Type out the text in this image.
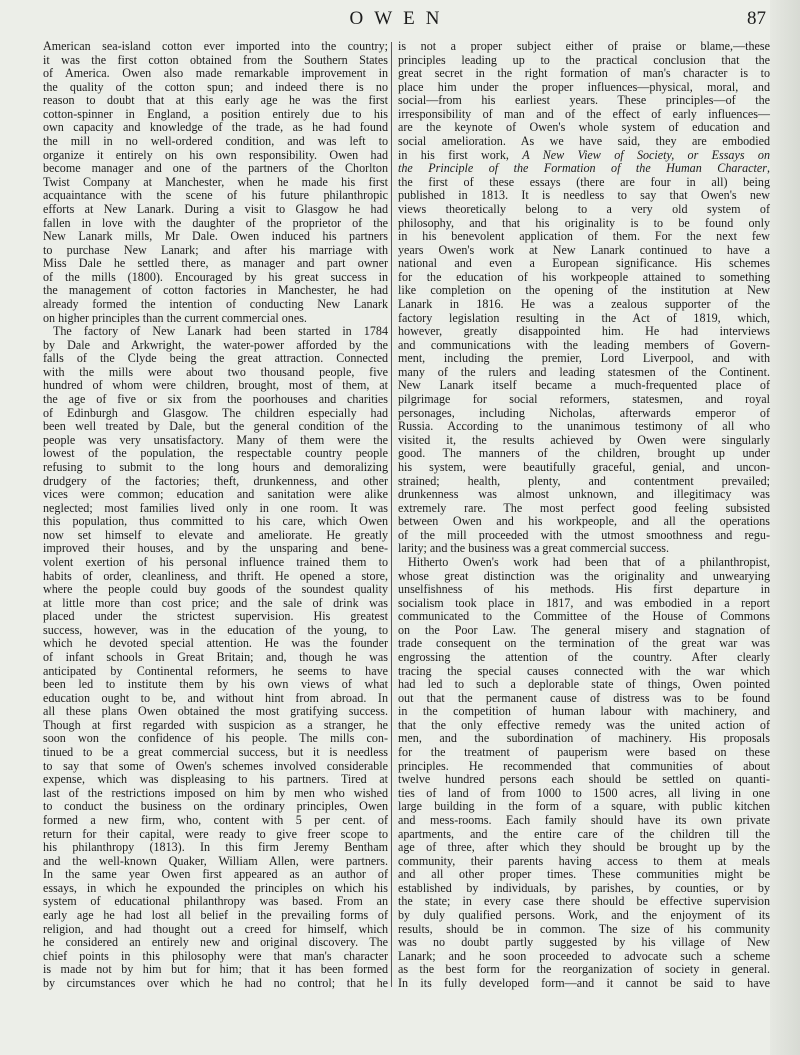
OWEN	87
American sea-island cotton ever imported into the country;
it was the first cotton obtained from the Southern States
of America. Owen also made remarkable improvement in
the quality of the cotton spun; and indeed there is no
reason to doubt that at this early age he was the first
cotton-spinner in England, a position entirely due to his
own capacity and knowledge of the trade, as he had found
the mill in no well-ordered condition, and was left to
organize it entirely on his own responsibility. Owen had
become manager and one of the partners of the Chorlton
Twist Company at Manchester, when he made his first
acquaintance with the scene of his future philanthropic
efforts at New Lanark. During a visit to Glasgow he had
fallen in love with the daughter of the proprietor of the
New Lanark mills, Mr Dale. Owen induced his partners
to purchase New Lanark; and after his marriage with
Miss Dale he settled there, as manager and part owner
of the mills (1800). Encouraged by his great success in
the management of cotton factories in Manchester, he had
already formed the intention of conducting New Lanark
on higher principles than the current commercial ones.
The factory of New Lanark had been started in 1784
by Dale and Arkwright, the water-power afforded by the
falls of the Clyde being the great attraction. Connected
with the mills were about two thousand people, five
hundred of whom were children, brought, most of them, at
the age of five or six from the poorhouses and charities
of Edinburgh and Glasgow. The children especially had
been well treated by Dale, but the general condition of the
people was very unsatisfactory. Many of them were the
lowest of the population, the respectable country people
refusing to submit to the long hours and demoralizing
drudgery of the factories; theft, drunkenness, and other
vices were common; education and sanitation were alike
neglected; most families lived only in one room. It was
this population, thus committed to his care, which Owen
now set himself to elevate and ameliorate. He greatly
improved their houses, and by the unsparing and bene-
volent exertion of his personal influence trained them to
habits of order, cleanliness, and thrift. He opened a store,
where the people could buy goods of the soundest quality
at little more than cost price; and the sale of drink was
placed under the strictest supervision. His greatest
success, however, was in the education of the young, to
which he devoted special attention. He was the founder
of infant schools in Great Britain; and, though he was
anticipated by Continental reformers, he seems to have
been led to institute them by his own views of what
education ought to be, and without hint from abroad. In
all these plans Owen obtained the most gratifying success.
Though at first regarded with suspicion as a stranger, he
soon won the confidence of his people. The mills con-
tinued to be a great commercial success, but it is needless
to say that some of Owen's schemes involved considerable
expense, which was displeasing to his partners. Tired at
last of the restrictions imposed on him by men who wished
to conduct the business on the ordinary principles, Owen
formed a new firm, who, content with 5 per cent. of
return for their capital, were ready to give freer scope to
his philanthropy (1813). In this firm Jeremy Bentham
and the well-known Quaker, William Allen, were partners.
In the same year Owen first appeared as an author of
essays, in which he expounded the principles on which his
system of educational philanthropy was based. From an
early age he had lost all belief in the prevailing forms of
religion, and had thought out a creed for himself, which
he considered an entirely new and original discovery. The
chief points in this philosophy were that man's character
is made not by him but for him; that it has been formed
by circumstances over which he had no control; that he
is not a proper subject either of praise or blame,—these
principles leading up to the practical conclusion that the
great secret in the right formation of man's character is to
place him under the proper influences—physical, moral, and
social—from his earliest years. These principles—of the
irresponsibility of man and of the effect of early influences—
are the keynote of Owen's whole system of education and
social amelioration. As we have said, they are embodied
in his first work, A New View of Society, or Essays on
the Principle of the Formation of the Human Character,
the first of these essays (there are four in all) being
published in 1813. It is needless to say that Owen's new
views theoretically belong to a very old system of
philosophy, and that his originality is to be found only
in his benevolent application of them. For the next few
years Owen's work at New Lanark continued to have a
national and even a European significance. His schemes
for the education of his workpeople attained to something
like completion on the opening of the institution at New
Lanark in 1816. He was a zealous supporter of the
factory legislation resulting in the Act of 1819, which,
however, greatly disappointed him. He had interviews
and communications with the leading members of Govern-
ment, including the premier, Lord Liverpool, and with
many of the rulers and leading statesmen of the Continent.
New Lanark itself became a much-frequented place of
pilgrimage for social reformers, statesmen, and royal
personages, including Nicholas, afterwards emperor of
Russia. According to the unanimous testimony of all who
visited it, the results achieved by Owen were singularly
good. The manners of the children, brought up under
his system, were beautifully graceful, genial, and uncon-
strained; health, plenty, and contentment prevailed;
drunkenness was almost unknown, and illegitimacy was
extremely rare. The most perfect good feeling subsisted
between Owen and his workpeople, and all the operations
of the mill proceeded with the utmost smoothness and regu-
larity; and the business was a great commercial success.
Hitherto Owen's work had been that of a philanthropist,
whose great distinction was the originality and unwearying
unselfishness of his methods. His first departure in
socialism took place in 1817, and was embodied in a report
communicated to the Committee of the House of Commons
on the Poor Law. The general misery and stagnation of
trade consequent on the termination of the great war was
engrossing the attention of the country. After clearly
tracing the special causes connected with the war which
had led to such a deplorable state of things, Owen pointed
out that the permanent cause of distress was to be found
in the competition of human labour with machinery, and
that the only effective remedy was the united action of
men, and the subordination of machinery. His proposals
for the treatment of pauperism were based on these
principles. He recommended that communities of about
twelve hundred persons each should be settled on quanti-
ties of land of from 1000 to 1500 acres, all living in one
large building in the form of a square, with public kitchen
and mess-rooms. Each family should have its own private
apartments, and the entire care of the children till the
age of three, after which they should be brought up by the
community, their parents having access to them at meals
and all other proper times. These communities might be
established by individuals, by parishes, by counties, or by
the state; in every case there should be effective supervision
by duly qualified persons. Work, and the enjoyment of its
results, should be in common. The size of his community
was no doubt partly suggested by his village of New
Lanark; and he soon proceeded to advocate such a scheme
as the best form for the reorganization of society in general.
In its fully developed form—and it cannot be said to have
